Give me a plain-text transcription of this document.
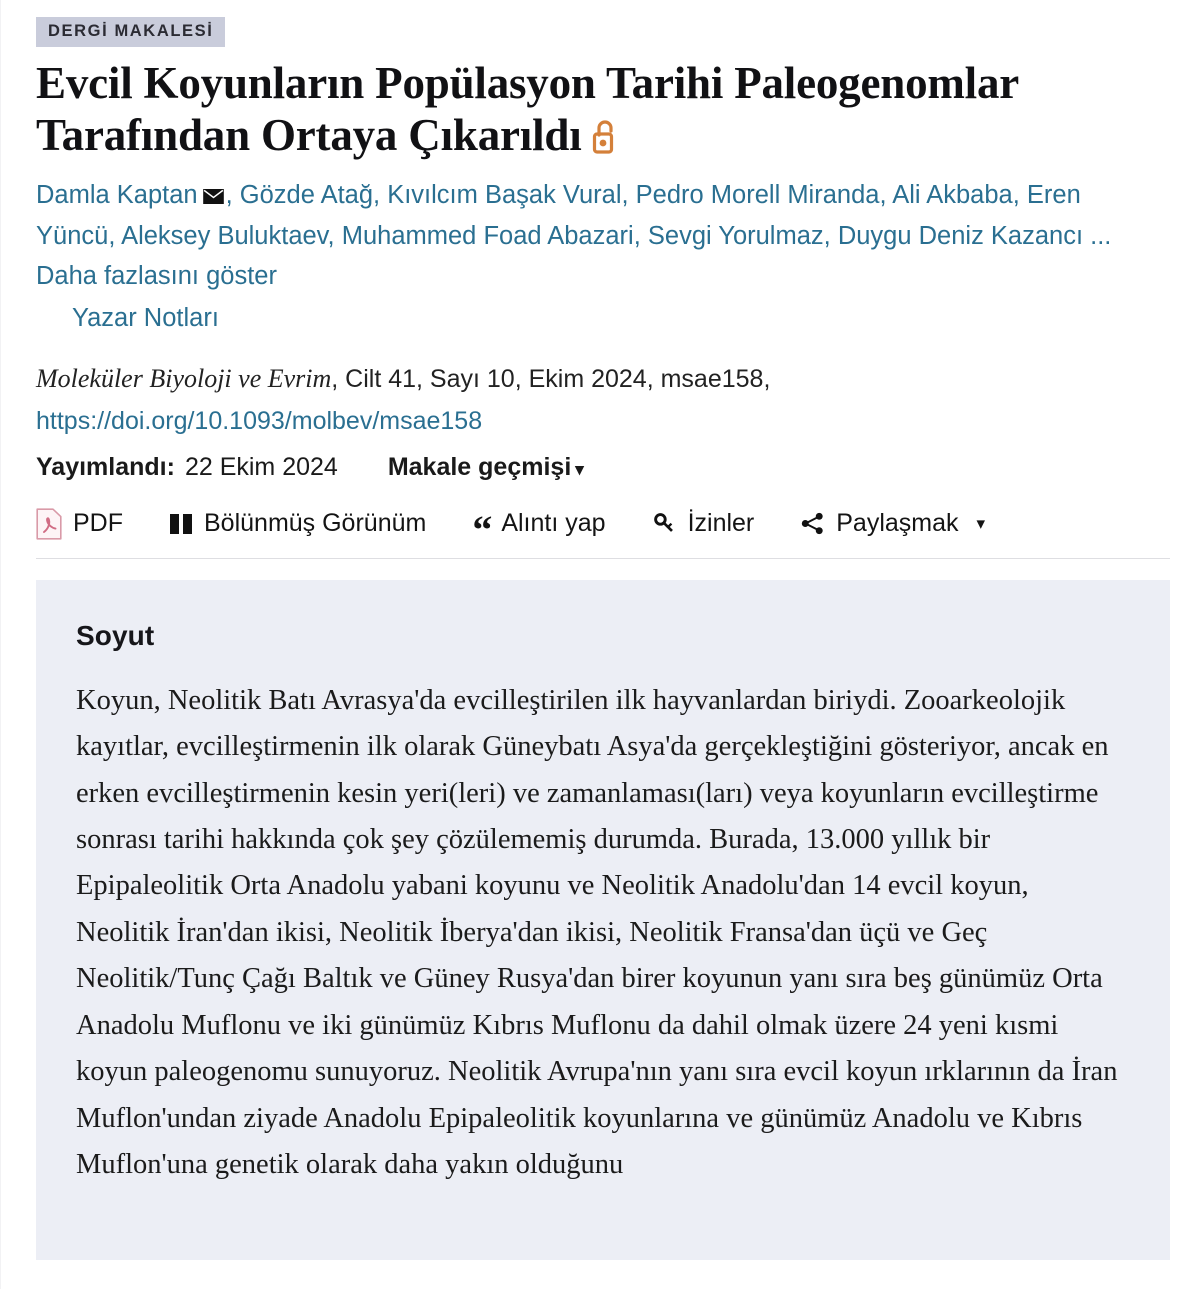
DERGİ MAKALESİ
Evcil Koyunların Popülasyon Tarihi Paleogenomlar Tarafından Ortaya Çıkarıldı
Damla Kaptan , Gözde Atağ, Kıvılcım Başak Vural, Pedro Morell Miranda, Ali Akbaba, Eren Yüncü, Aleksey Buluktaev, Muhammed Foad Abazari, Sevgi Yorulmaz, Duygu Deniz Kazancı ... Daha fazlasını göster
Yazar Notları
Moleküler Biyoloji ve Evrim, Cilt 41, Sayı 10, Ekim 2024, msae158,
https://doi.org/10.1093/molbev/msae158
Yayımlandı: 22 Ekim 2024 Makale geçmişi ▾
PDF	Bölünmüş Görünüm “ Alıntı yap	İzinler	Paylaşmak ▾
Soyut

Koyun, Neolitik Batı Avrasya'da evcilleştirilen ilk hayvanlardan biriydi. Zooarkeolojik kayıtlar, evcilleştirmenin ilk olarak Güneybatı Asya'da gerçekleştiğini gösteriyor, ancak en erken evcilleştirmenin kesin yeri(leri) ve zamanlaması(ları) veya koyunların evcilleştirme sonrası tarihi hakkında çok şey çözülememiş durumda. Burada, 13.000 yıllık bir Epipaleolitik Orta Anadolu yabani koyunu ve Neolitik Anadolu'dan 14 evcil koyun, Neolitik İran'dan ikisi, Neolitik İberya'dan ikisi, Neolitik Fransa'dan üçü ve Geç Neolitik/Tunç Çağı Baltık ve Güney Rusya'dan birer koyunun yanı sıra beş günümüz Orta Anadolu Muflonu ve iki günümüz Kıbrıs Muflonu da dahil olmak üzere 24 yeni kısmi koyun paleogenomu sunuyoruz. Neolitik Avrupa'nın yanı sıra evcil koyun ırklarının da İran Muflon'undan ziyade Anadolu Epipaleolitik koyunlarına ve günümüz Anadolu ve Kıbrıs Muflon'una genetik olarak daha yakın olduğunu
